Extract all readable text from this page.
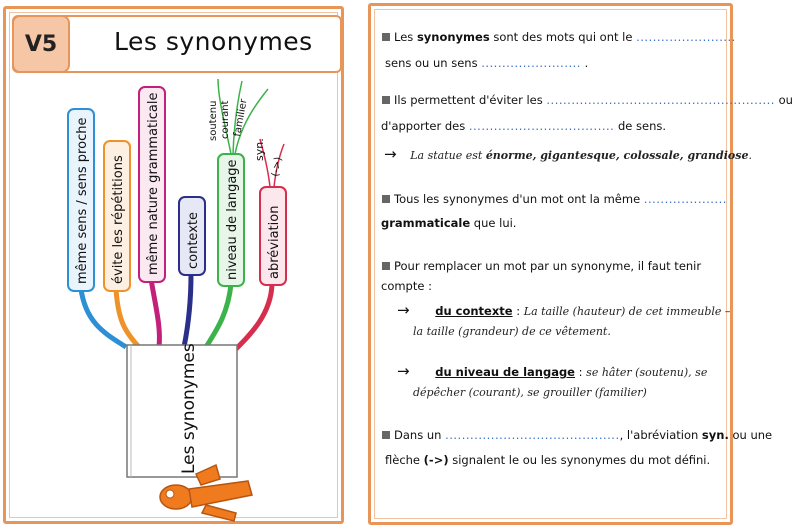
V5	Les synonymes
même sens / sens proche évite les répétitions même nature grammaticale contexte niveau de langage abréviation
soutenu courant familier
syn.
(->)
Les synonymes
Les synonymes sont des mots qui ont le ........................
sens ou un sens ........................ .
Ils permettent d'éviter les ....................................................... ou
d'apporter des ................................... de sens.
→ La statue est énorme, gigantesque, colossale, grandiose.
Tous les synonymes d'un mot ont la même ....................
grammaticale que lui.
Pour remplacer un mot par un synonyme, il faut tenir
compte :
→ du contexte : La taille (hauteur) de cet immeuble –
la taille (grandeur) de ce vêtement.
→ du niveau de langage : se hâter (soutenu), se
dépêcher (courant), se grouiller (familier)
Dans un .........................................., l'abréviation syn. ou une
flèche (->) signalent le ou les synonymes du mot défini.
